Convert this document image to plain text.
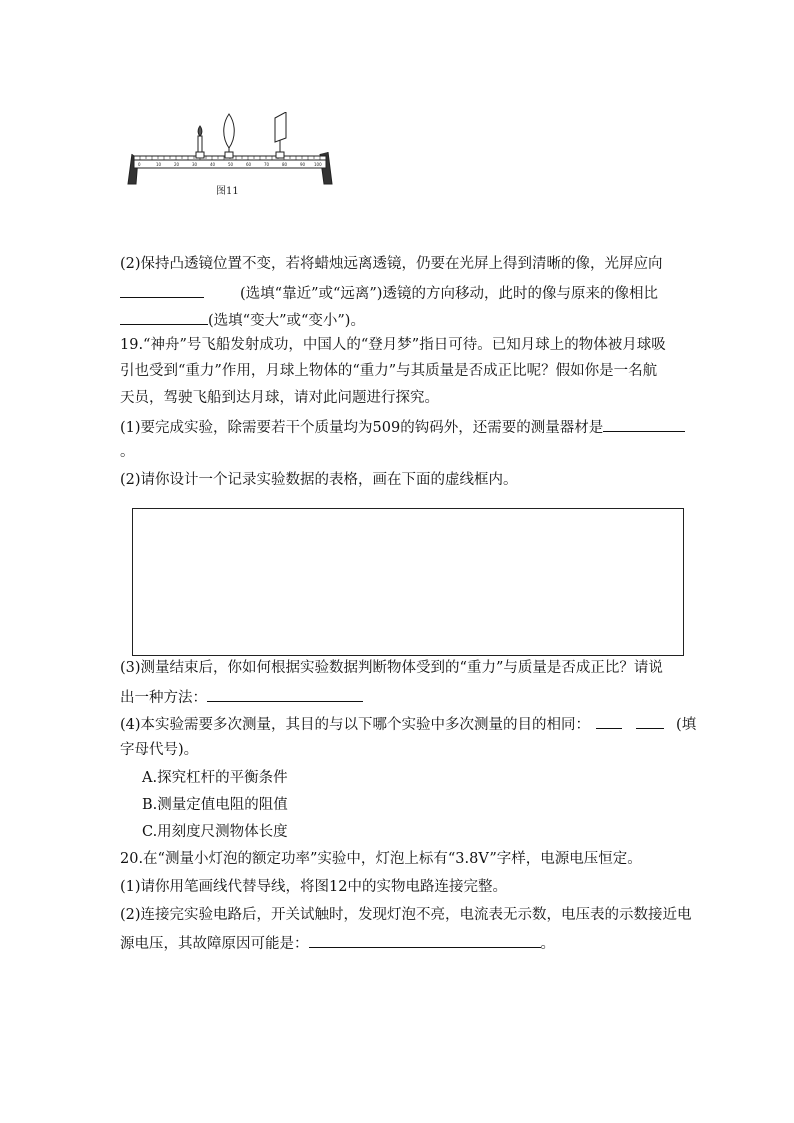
0	10	20	30	40	50	60	70	80	90 100
图11
(2)保持凸透镜位置不变，若将蜡烛远离透镜，仍要在光屏上得到清晰的像，光屏应向
(选填“靠近”或“远离”)透镜的方向移动，此时的像与原来的像相比
(选填“变大”或“变小”)。
19.“神舟”号飞船发射成功，中国人的“登月梦”指日可待。已知月球上的物体被月球吸
引也受到“重力”作用，月球上物体的“重力”与其质量是否成正比呢？假如你是一名航
天员，驾驶飞船到达月球，请对此问题进行探究。
(1)要完成实验，除需要若干个质量均为509的钩码外，还需要的测量器材是
。
(2)请你设计一个记录实验数据的表格，画在下面的虚线框内。
(3)测量结束后，你如何根据实验数据判断物体受到的“重力”与质量是否成正比？请说
出一种方法：
(4)本实验需要多次测量，其目的与以下哪个实验中多次测量的目的相同：	(填
字母代号)。
A.探究杠杆的平衡条件
B.测量定值电阻的阻值
C.用刻度尺测物体长度
20.在“测量小灯泡的额定功率”实验中，灯泡上标有“3.8V”字样，电源电压恒定。
(1)请你用笔画线代替导线，将图12中的实物电路连接完整。
(2)连接完实验电路后，开关试触时，发现灯泡不亮，电流表无示数，电压表的示数接近电
源电压，其故障原因可能是：	。
